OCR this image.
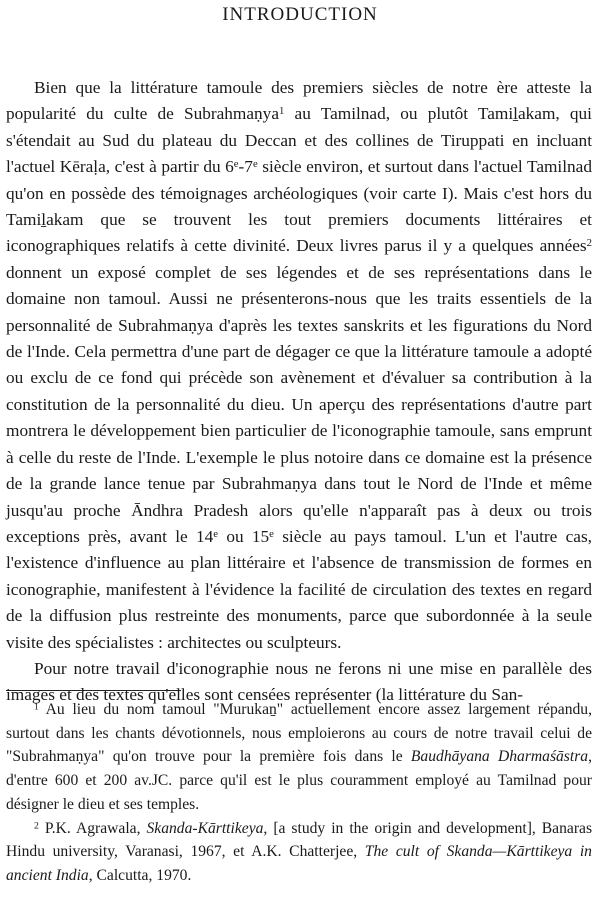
INTRODUCTION

Bien que la littérature tamoule des premiers siècles de notre ère atteste la popularité du culte de Subrahmaṇya$^1$ au Tamilnad, ou plutôt Tamiḻakam, qui s'étendait au Sud du plateau du Deccan et des collines de Tiruppati en incluant l'actuel Kēraḷa, c'est à partir du 6e-7e siècle environ, et surtout dans l'actuel Tamilnad qu'on en possède des témoignages archéologiques (voir carte I). Mais c'est hors du Tamiḻakam que se trouvent les tout premiers documents littéraires et iconographiques relatifs à cette divinité. Deux livres parus il y a quelques années$^2$ donnent un exposé complet de ses légendes et de ses représentations dans le domaine non tamoul. Aussi ne présenterons-nous que les traits essentiels de la personnalité de Subrahmaṇya d'après les textes sanskrits et les figurations du Nord de l'Inde. Cela permettra d'une part de dégager ce que la littérature tamoule a adopté ou exclu de ce fond qui précède son avènement et d'évaluer sa contribution à la constitution de la personnalité du dieu. Un aperçu des représentations d'autre part montrera le développement bien particulier de l'iconographie tamoule, sans emprunt à celle du reste de l'Inde. L'exemple le plus notoire dans ce domaine est la présence de la grande lance tenue par Subrahmaṇya dans tout le Nord de l'Inde et même jusqu'au proche Āndhra Pradesh alors qu'elle n'apparaît pas à deux ou trois exceptions près, avant le 14e ou 15e siècle au pays tamoul. L'un et l'autre cas, l'existence d'influence au plan littéraire et l'absence de transmission de formes en iconographie, manifestent à l'évidence la facilité de circulation des textes en regard de la diffusion plus restreinte des monuments, parce que subordonnée à la seule visite des spécialistes : architectes ou sculpteurs.

Pour notre travail d'iconographie nous ne ferons ni une mise en parallèle des images et des textes qu'elles sont censées représenter (la littérature du San-

$^1$ Au lieu du nom tamoul "Murukaṉ" actuellement encore assez largement répandu, surtout dans les chants dévotionnels, nous emploierons au cours de notre travail celui de "Subrahmaṇya" qu'on trouve pour la première fois dans le Baudhāyana Dharmaśāstra, d'entre 600 et 200 av.JC. parce qu'il est le plus couramment employé au Tamilnad pour désigner le dieu et ses temples.

$^2$ P.K. Agrawala, Skanda-Kārttikeya, [a study in the origin and development], Banaras Hindu university, Varanasi, 1967, et A.K. Chatterjee, The cult of Skanda—Kārttikeya in ancient India, Calcutta, 1970.
